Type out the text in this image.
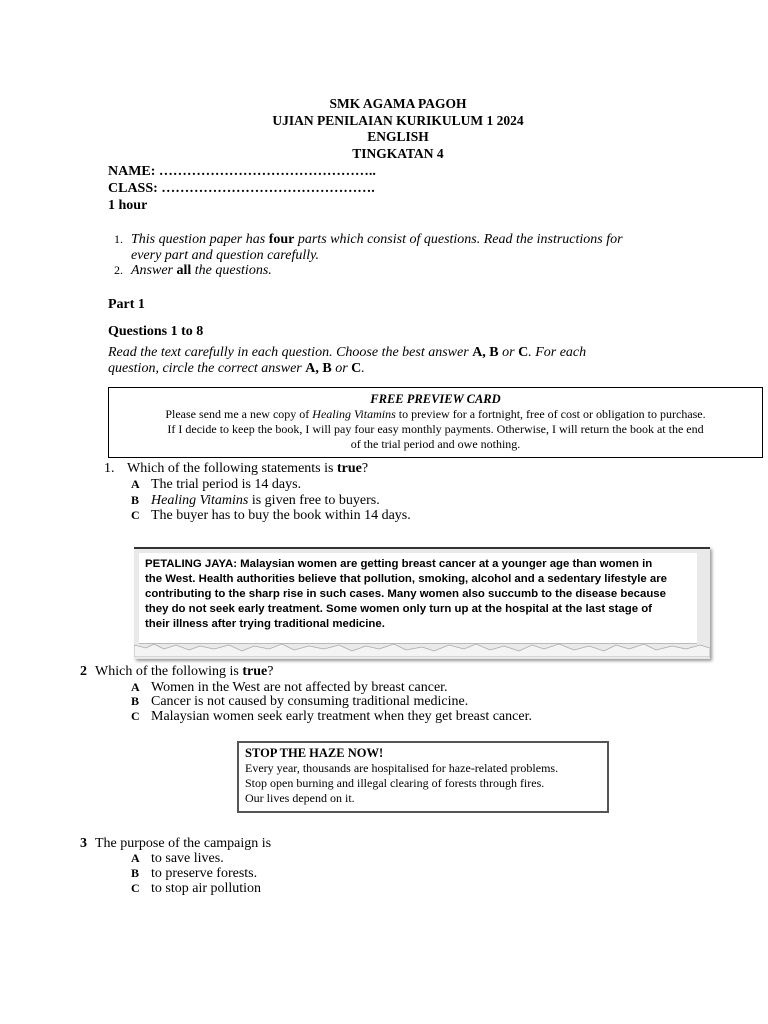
SMK AGAMA PAGOH
UJIAN PENILAIAN KURIKULUM 1 2024
ENGLISH
TINGKATAN 4
NAME: ………………………………………..
CLASS: ……………………………………….
1 hour
1. This question paper has four parts which consist of questions. Read the instructions for
every part and question carefully.
2. Answer all the questions.
Part 1
Questions 1 to 8
Read the text carefully in each question. Choose the best answer A, B or C. For each
question, circle the correct answer A, B or C.
FREE PREVIEW CARD
Please send me a new copy of Healing Vitamins to preview for a fortnight, free of cost or obligation to purchase.
If I decide to keep the book, I will pay four easy monthly payments. Otherwise, I will return the book at the end
of the trial period and owe nothing.
1. Which of the following statements is true?
A The trial period is 14 days.
B Healing Vitamins is given free to buyers.
C The buyer has to buy the book within 14 days.
PETALING JAYA: Malaysian women are getting breast cancer at a younger age than women in
the West. Health authorities believe that pollution, smoking, alcohol and a sedentary lifestyle are
contributing to the sharp rise in such cases. Many women also succumb to the disease because
they do not seek early treatment. Some women only turn up at the hospital at the last stage of
their illness after trying traditional medicine.
2 Which of the following is true?
A Women in the West are not affected by breast cancer.
B Cancer is not caused by consuming traditional medicine.
C Malaysian women seek early treatment when they get breast cancer.
STOP THE HAZE NOW!
Every year, thousands are hospitalised for haze-related problems.
Stop open burning and illegal clearing of forests through fires.
Our lives depend on it.
3 The purpose of the campaign is
A to save lives.
B to preserve forests.
C to stop air pollution
